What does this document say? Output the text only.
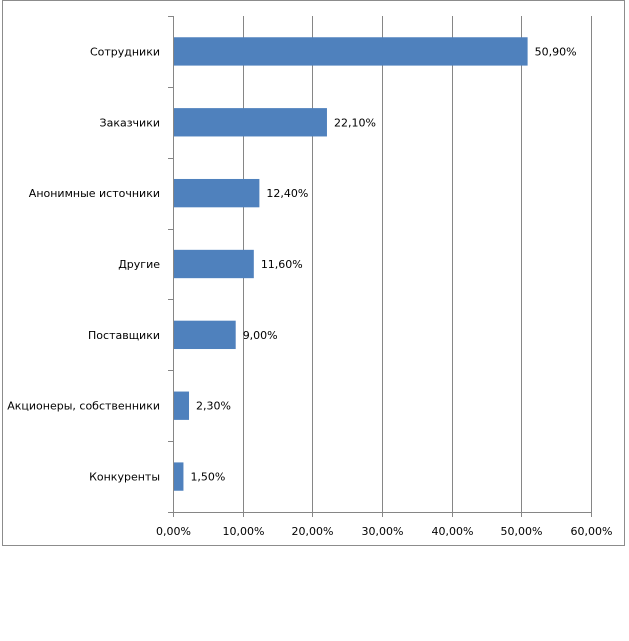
0,00%	10,00% 20,00%	30,00%	40,00% 50,00%	60,00%
Сотрудники	50,90%
Заказчики	22,10%
Анонимные источники	12,40%
Другие	11,60%
Поставщики	9,00%
Акционеры, собственники	2,30%
Конкуренты	1,50%
